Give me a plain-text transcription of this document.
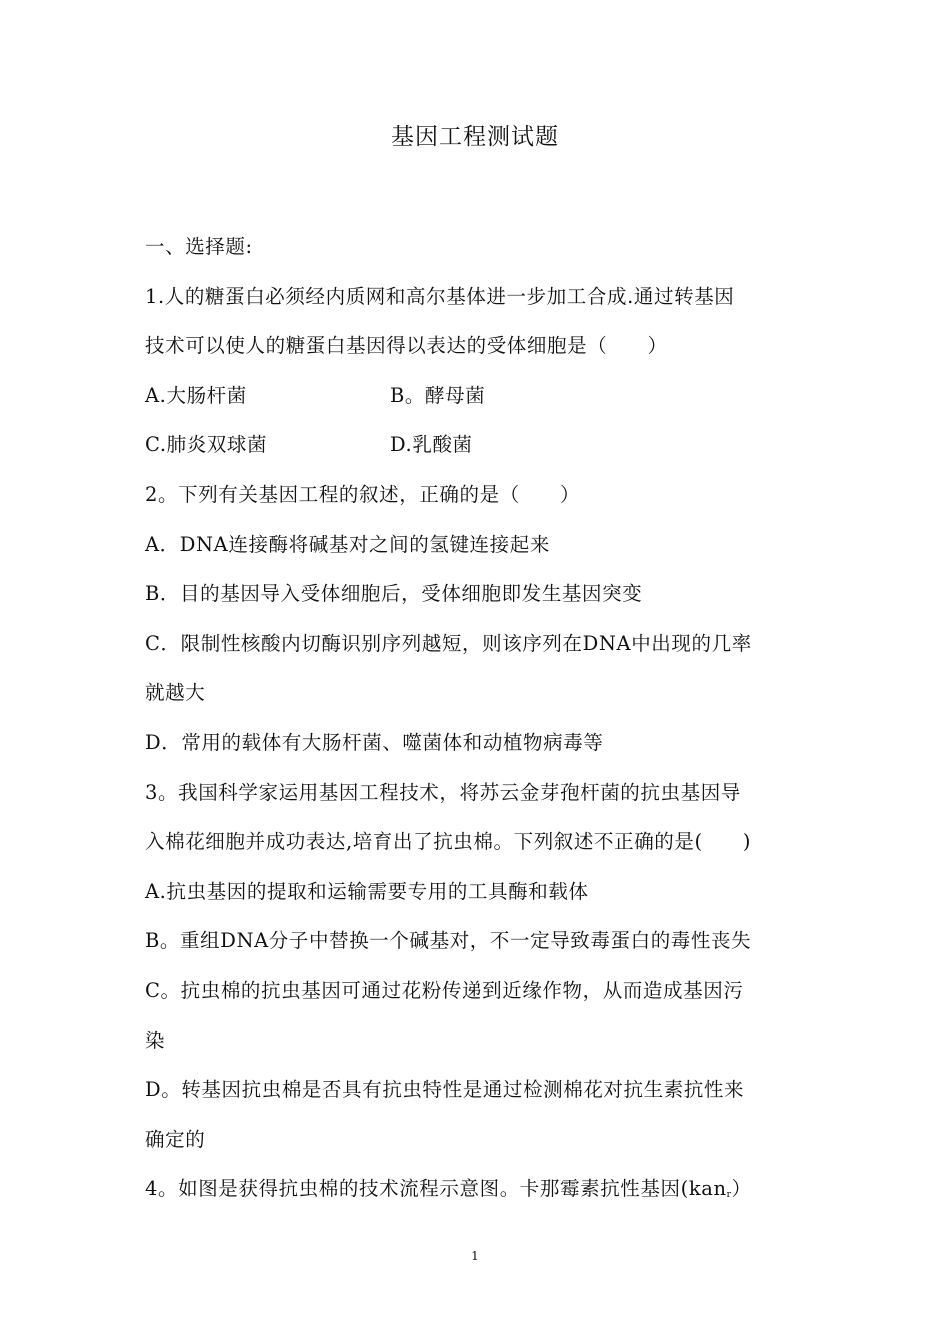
基因工程测试题
一、选择题:
1.人的糖蛋白必须经内质网和高尔基体进一步加工合成.通过转基因
技术可以使人的糖蛋白基因得以表达的受体细胞是（　　）
A.大肠杆菌	B。酵母菌
C.肺炎双球菌	D.乳酸菌
2。下列有关基因工程的叙述，正确的是（　　）
A．DNA连接酶将碱基对之间的氢键连接起来
B．目的基因导入受体细胞后，受体细胞即发生基因突变
C．限制性核酸内切酶识别序列越短，则该序列在DNA中出现的几率
就越大
D．常用的载体有大肠杆菌、噬菌体和动植物病毒等
3。我国科学家运用基因工程技术，将苏云金芽孢杆菌的抗虫基因导
入棉花细胞并成功表达,培育出了抗虫棉。下列叙述不正确的是(　　)
A.抗虫基因的提取和运输需要专用的工具酶和载体
B。重组DNA分子中替换一个碱基对，不一定导致毒蛋白的毒性丧失
C。抗虫棉的抗虫基因可通过花粉传递到近缘作物，从而造成基因污
染
D。转基因抗虫棉是否具有抗虫特性是通过检测棉花对抗生素抗性来
确定的
4。如图是获得抗虫棉的技术流程示意图。卡那霉素抗性基因(kan$_r$）
1
